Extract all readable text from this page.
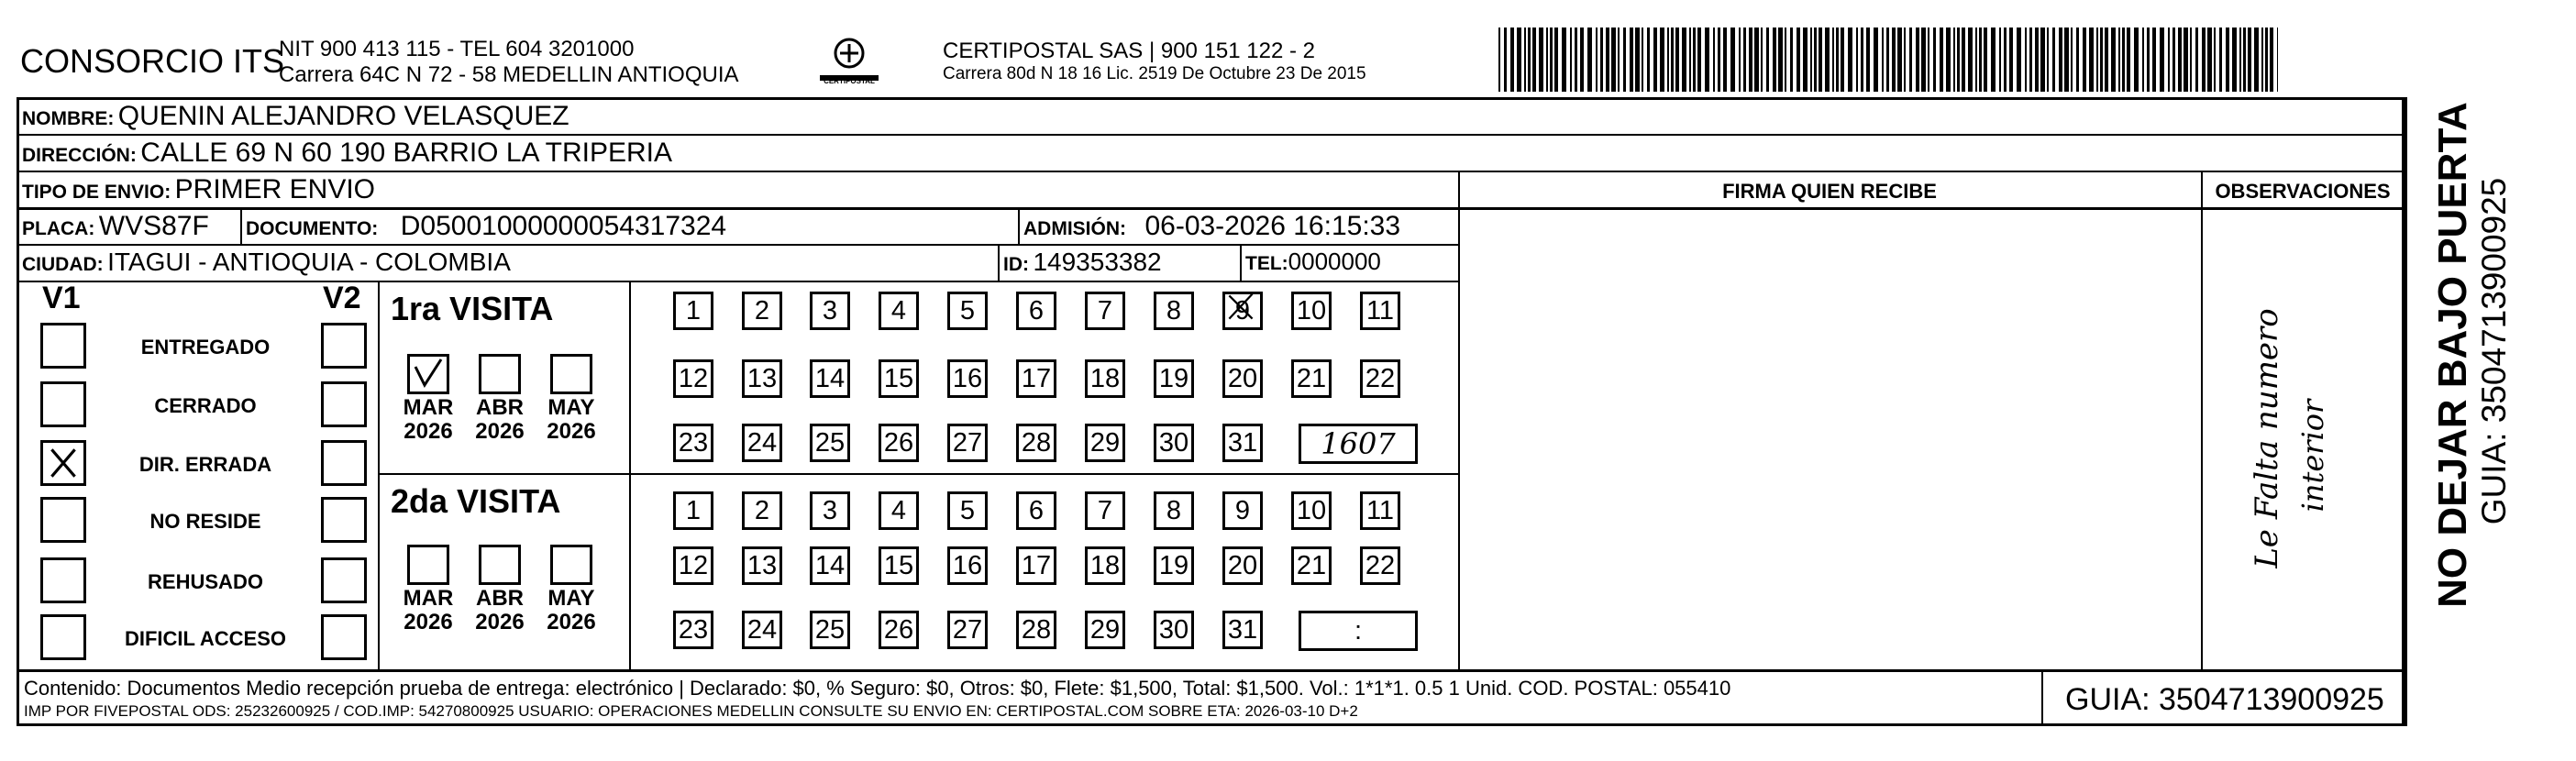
CONSORCIO ITS
NIT 900 413 115 - TEL 604 3201000
Carrera 64C N 72 - 58 MEDELLIN ANTIOQUIA	CERTIPOSTAL
CERTIPOSTAL SAS | 900 151 122 - 2
Carrera 80d N 18 16 Lic. 2519 De Octubre 23 De 2015
NOMBRE: QUENIN ALEJANDRO VELASQUEZ
DIRECCIÓN: CALLE 69 N 60 190 BARRIO LA TRIPERIA
TIPO DE ENVIO: PRIMER ENVIO	FIRMA QUIEN RECIBE	OBSERVACIONES
PLACA: WVS87F DOCUMENTO: D050010000000543173​24	ADMISIÓN: 06-03-2026 16:15:33
CIUDAD: ITAGUI - ANTIOQUIA - COLOMBIA	ID: 149353382	TEL:0000000
V1	V2
ENTREGADO
CERRADO
DIR. ERRADA
NO RESIDE
REHUSADO
DIFICIL ACCESO
1ra VISITA
2da VISITA
MAR
2026
ABR
2026
MAY
2026
MAR
2026
ABR
2026
MAY
2026
1	2	3	4	5	6	7	8	9 10 11
12 13 14 15 16 17 18 19 20 21 22
23 24 25 26 27 28 29 30 31
1	2	3	4	5	6	7	8	9	10 11
12 13 14 15 16 17 18 19 20 21 22
23 24 25 26 27 28 29 30 31
1607
:
Le Falta numero interior NO DEJAR BAJO PUERTA GUIA: 3504713900925
Contenido: Documentos Medio recepción prueba de entrega: electrónico | Declarado: $0, % Seguro: $0, Otros: $0, Flete: $1,500, Total: $1,500. Vol.: 1*1*1. 0.5 1 Unid. COD. POSTAL: 055410
IMP POR FIVEPOSTAL ODS: 25232600925 / COD.IMP: 54270800925 USUARIO: OPERACIONES MEDELLIN CONSULTE SU ENVIO EN: CERTIPOSTAL.COM SOBRE ETA: 2026-03-10 D+2	GUIA: 3504713900925
